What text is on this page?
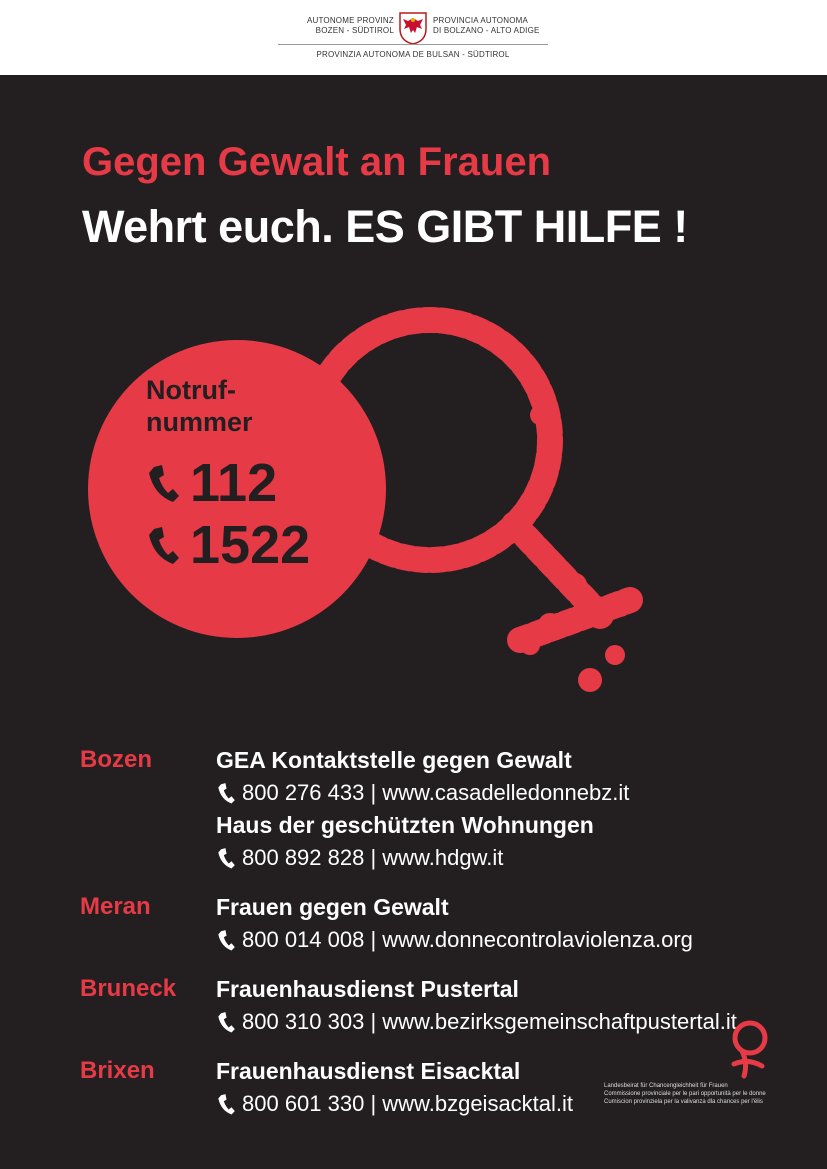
AUTONOME PROVINZ
BOZEN - SÜDTIROL
PROVINCIA AUTONOMA
DI BOLZANO - ALTO ADIGE
PROVINZIA AUTONOMA DE BULSAN - SÜDTIROL
Gegen Gewalt an Frauen
Wehrt euch. ES GIBT HILFE !
Notruf-
nummer
112
1522
Bozen	GEA Kontaktstelle gegen Gewalt
800 276 433 | www.casadelledonnebz.it
Haus der geschützten Wohnungen
800 892 828 | www.hdgw.it
Meran	Frauen gegen Gewalt
800 014 008 | www.donnecontrolaviolenza.org
Bruneck Frauenhausdienst Pustertal
800 310 303 | www.bezirksgemeinschaftpustertal.it
Brixen	Frauenhausdienst Eisacktal
800 601 330 | www.bzgeisacktal.it
Landesbeirat für Chancengleichheit für Frauen
Commissione provinciale per le pari opportunità per le donne
Cumiscion provinziela per la valivanza dla chances per l'ëlis
